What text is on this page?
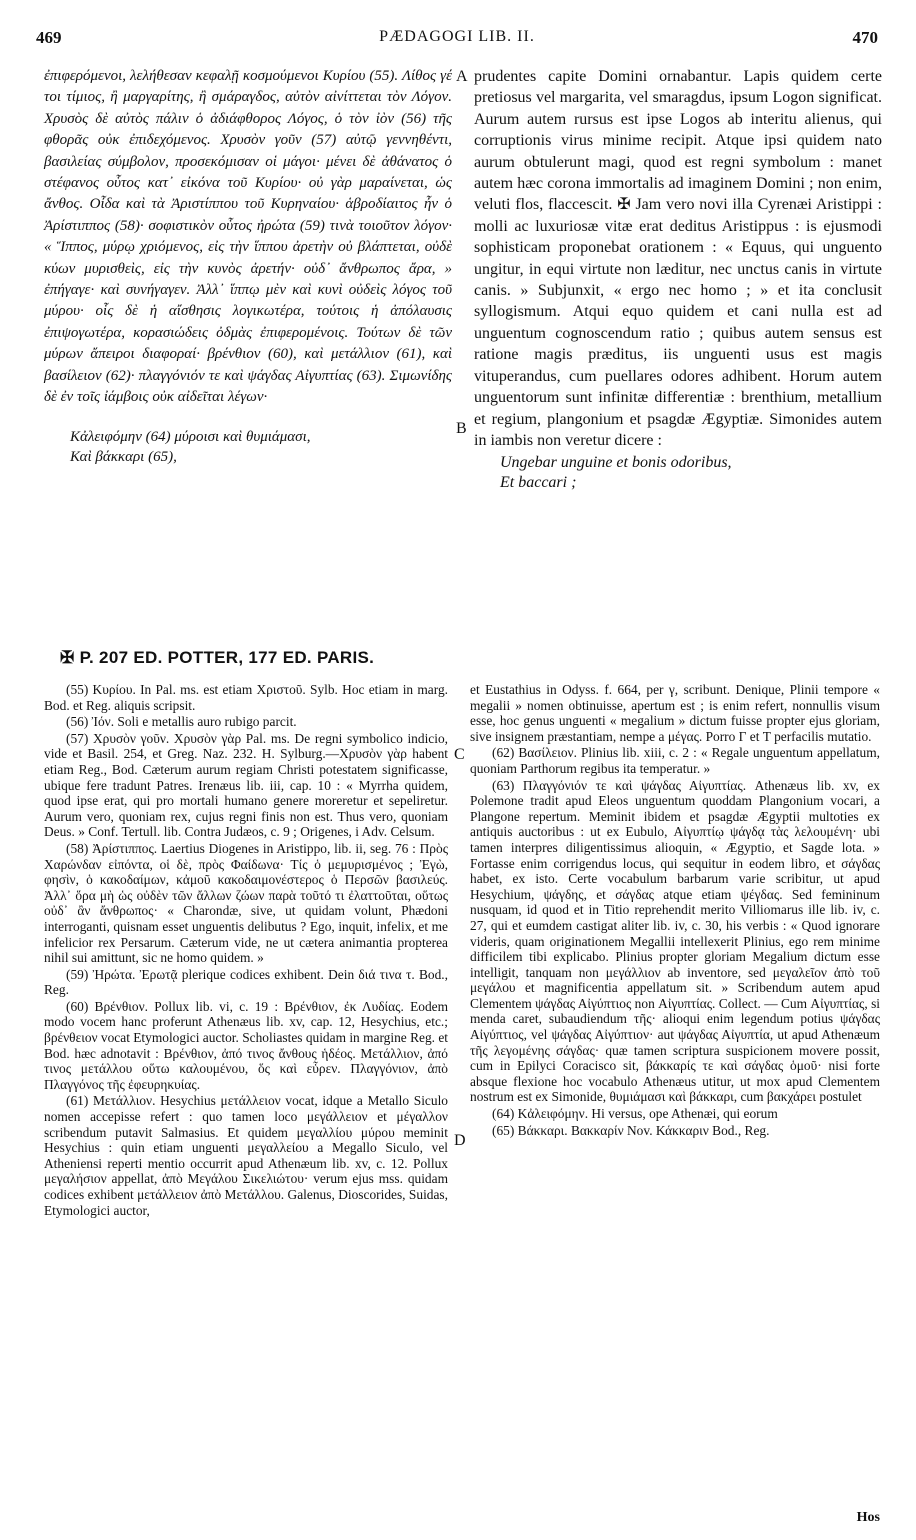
469	PÆDAGOGI LIB. II.	470
ἐπιφερόμενοι, λελήθεσαν κεφαλῇ κοσμούμενοι Κυρίου (55). Λίθος γέ τοι τίμιος, ἢ μαργαρίτης, ἢ σμάραγδος, αὐτὸν αἰνίττεται τὸν Λόγον. Χρυσὸς δὲ αὐτὸς πάλιν ὁ ἀδιάφθορος Λόγος, ὁ τὸν ἰὸν (56) τῆς φθορᾶς οὐκ ἐπιδεχόμενος. Χρυσὸν γοῦν (57) αὐτῷ γεννηθέντι, βασιλείας σύμβολον, προσεκόμισαν οἱ μάγοι· μένει δὲ ἀθάνατος ὁ στέφανος οὗτος κατ᾽ εἰκόνα τοῦ Κυρίου· οὐ γὰρ μαραίνεται, ὡς ἄνθος. Οἶδα καὶ τὰ Ἀριστίππου τοῦ Κυρηναίου· ἁβροδίαιτος ἦν ὁ Ἀρίστιππος (58)· σοφιστικὸν οὗτος ἠρώτα (59) τινὰ τοιοῦτον λόγον· « Ἵππος, μύρῳ χριόμενος, εἰς τὴν ἵππου ἀρετὴν οὐ βλάπτεται, οὐδὲ κύων μυρισθεὶς, εἰς τὴν κυνὸς ἀρετήν· οὐδ᾽ ἄνθρωπος ἄρα, » ἐπήγαγε· καὶ συνήγαγεν. Ἀλλ᾽ ἵππῳ μὲν καὶ κυνὶ οὐδεὶς λόγος τοῦ μύρου· οἷς δὲ ἡ αἴσθησις λογικωτέρα, τούτοις ἡ ἀπόλαυσις ἐπιψογωτέρα, κορασιώδεις ὀδμὰς ἐπιφερομένοις. Τούτων δὲ τῶν μύρων ἄπειροι διαφοραί· βρένθιον (60), καὶ μετάλλιον (61), καὶ βασίλειον (62)· πλαγγόνιόν τε καὶ ψάγδας Αἰγυπτίας (63). Σιμωνίδης δὲ ἐν τοῖς ἰάμβοις οὐκ αἰδεῖται λέγων·
Κἀλειφόμην (64) μύροισι καὶ θυμιάμασι,
Καὶ βάκκαρι (65),
prudentes capite Domini ornabantur. Lapis quidem certe pretiosus vel margarita, vel smaragdus, ipsum Logon significat. Aurum autem rursus est ipse Logos ab interitu alienus, qui corruptionis virus minime recipit. Atque ipsi quidem nato aurum obtulerunt magi, quod est regni symbolum : manet autem hæc corona immortalis ad imaginem Domini ; non enim, veluti flos, flaccescit. ✠ Jam vero novi illa Cyrenæi Aristippi : molli ac luxuriosæ vitæ erat deditus Aristippus : is ejusmodi sophisticam proponebat orationem : « Equus, qui unguento ungitur, in equi virtute non læditur, nec unctus canis in virtute canis. » Subjunxit, « ergo nec homo ; » et ita conclusit syllogismum. Atqui equo quidem et cani nulla est ad unguentum cognoscendum ratio ; quibus autem sensus est ratione magis præditus, iis unguenti usus est magis vituperandus, cum puellares odores adhibent. Horum autem unguentorum sunt infinitæ differentiæ : brenthium, metallium et regium, plangonium et psagdæ Ægyptiæ. Simonides autem in iambis non veretur dicere :
Ungebar unguine et bonis odoribus,
Et baccari ;
A
B
C
D
✠ P. 207 ED. POTTER, 177 ED. PARIS.

(55) Κυρίου. In Pal. ms. est etiam Χριστοῦ. Sylb. Hoc etiam in marg. Bod. et Reg. aliquis scripsit.

(56) Ἰόν. Soli e metallis auro rubigo parcit.

(57) Χρυσὸν γοῦν. Χρυσὸν γὰρ Pal. ms. De regni symbolico indicio, vide et Basil. 254, et Greg. Naz. 232. H. Sylburg.—Χρυσὸν γὰρ habent etiam Reg., Bod. Cæterum aurum regiam Christi potestatem significasse, ubique fere tradunt Patres. Irenæus lib. iii, cap. 10 : « Myrrha quidem, quod ipse erat, qui pro mortali humano genere moreretur et sepeliretur. Aurum vero, quoniam rex, cujus regni finis non est. Thus vero, quoniam Deus. » Conf. Tertull. lib. Contra Judæos, c. 9 ; Origenes, i Adv. Celsum.

(58) Ἀρίστιππος. Laertius Diogenes in Aristippo, lib. ii, seg. 76 : Πρὸς Χαρώνδαν εἰπόντα, οἱ δὲ, πρὸς Φαίδωνα· Τίς ὁ μεμυρισμένος ; Ἐγὼ, φησὶν, ὁ κακοδαίμων, κἀμοῦ κακοδαιμονέστερος ὁ Περσῶν βασιλεύς. Ἀλλ᾽ ὅρα μὴ ὡς οὐδὲν τῶν ἄλλων ζώων παρὰ τοῦτό τι ἐλαττοῦται, οὕτως οὐδ᾽ ἂν ἄνθρωπος· « Charondæ, sive, ut quidam volunt, Phædoni interroganti, quisnam esset unguentis delibutus ? Ego, inquit, infelix, et me infelicior rex Persarum. Cæterum vide, ne ut cætera animantia propterea nihil sui amittunt, sic ne homo quidem. »

(59) Ἠρώτα. Ἐρωτᾷ plerique codices exhibent. Dein διά τινα τ. Bod., Reg.

(60) Βρένθιον. Pollux lib. vi, c. 19 : Βρένθιον, ἐκ Λυδίας. Eodem modo vocem hanc proferunt Athenæus lib. xv, cap. 12, Hesychius, etc.; βρένθειον vocat Etymologici auctor. Scholiastes quidam in margine Reg. et Bod. hæc adnotavit : Βρένθιον, ἀπό τινος ἄνθους ἡδέος. Μετάλλιον, ἀπό τινος μετάλλου οὕτω καλουμένου, ὅς καὶ εὗρεν. Πλαγγόνιον, ἀπὸ Πλαγγόνος τῆς ἐφευρηκυίας.

(61) Μετάλλιον. Hesychius μετάλλειον vocat, idque a Metallo Siculo nomen accepisse refert : quo tamen loco μεγάλλειον et μέγαλλον scribendum putavit Salmasius. Et quidem μεγαλλίου μύρου meminit Hesychius : quin etiam unguenti μεγαλλείου a Megallo Siculo, vel Atheniensi reperti mentio occurrit apud Athenæum lib. xv, c. 12. Pollux μεγαλήσιον appellat, ἀπὸ Μεγάλου Σικελιώτου· verum ejus mss. quidam codices exhibent μετάλλειον ἀπὸ Μετάλλου. Galenus, Dioscorides, Suidas, Etymologici auctor,

et Eustathius in Odyss. f. 664, per γ, scribunt. Denique, Plinii tempore « megalii » nomen obtinuisse, apertum est ; is enim refert, nonnullis visum esse, hoc genus unguenti « megalium » dictum fuisse propter ejus gloriam, sive insignem præstantiam, nempe a μέγας. Porro Γ et Τ perfacilis mutatio.

(62) Βασίλειον. Plinius lib. xiii, c. 2 : « Regale unguentum appellatum, quoniam Parthorum regibus ita temperatur. »

(63) Πλαγγόνιόν τε καὶ ψάγδας Αἰγυπτίας. Athenæus lib. xv, ex Polemone tradit apud Eleos unguentum quoddam Plangonium vocari, a Plangone repertum. Meminit ibidem et psagdæ Ægyptii multoties ex antiquis auctoribus : ut ex Eubulo, Αἰγυπτίῳ ψάγδᾳ τὰς λελουμένη· ubi tamen interpres diligentissimus alioquin, « Ægyptio, et Sagde lota. » Fortasse enim corrigendus locus, qui sequitur in eodem libro, et σάγδας habet, ex isto. Certe vocabulum barbarum varie scribitur, ut apud Hesychium, ψάγδης, et σάγδας atque etiam ψέγδας. Sed femininum nusquam, id quod et in Titio reprehendit merito Villiomarus ille lib. iv, c. 27, qui et eumdem castigat aliter lib. iv, c. 30, his verbis : « Quod ignorare videris, quam originationem Megallii intellexerit Plinius, ego rem minime difficilem tibi explicabo. Plinius propter gloriam Megalium dictum esse intelligit, tanquam non μεγάλλιον ab inventore, sed μεγαλεῖον ἀπὸ τοῦ μεγάλου et magnificentia appellatum sit. » Scribendum autem apud Clementem ψάγδας Αἰγύπτιος non Αἰγυπτίας. Collect. — Cum Αἰγυπτίας, si menda caret, subaudiendum τῆς· alioqui enim legendum potius ψάγδας Αἰγύπτιος, vel ψάγδας Αἰγύπτιον· aut ψάγδας Αἰγυπτία, ut apud Athenæum τῆς λεγομένης σάγδας· quæ tamen scriptura suspicionem movere possit, cum in Epilyci Coracisco sit, βάκκαρίς τε καὶ σάγδας ὁμοῦ· nisi forte absque flexione hoc vocabulo Athenæus utitur, ut mox apud Clementem nostrum est ex Simonide, θυμιάμασι καὶ βάκκαρι, cum βακχάρει postulet

(64) Κἀλειφόμην. Hi versus, ope Athenæi, qui eorum

(65) Βάκκαρι. Βακκαρίν Nov. Κάκκαριν Bod., Reg.

Hos
